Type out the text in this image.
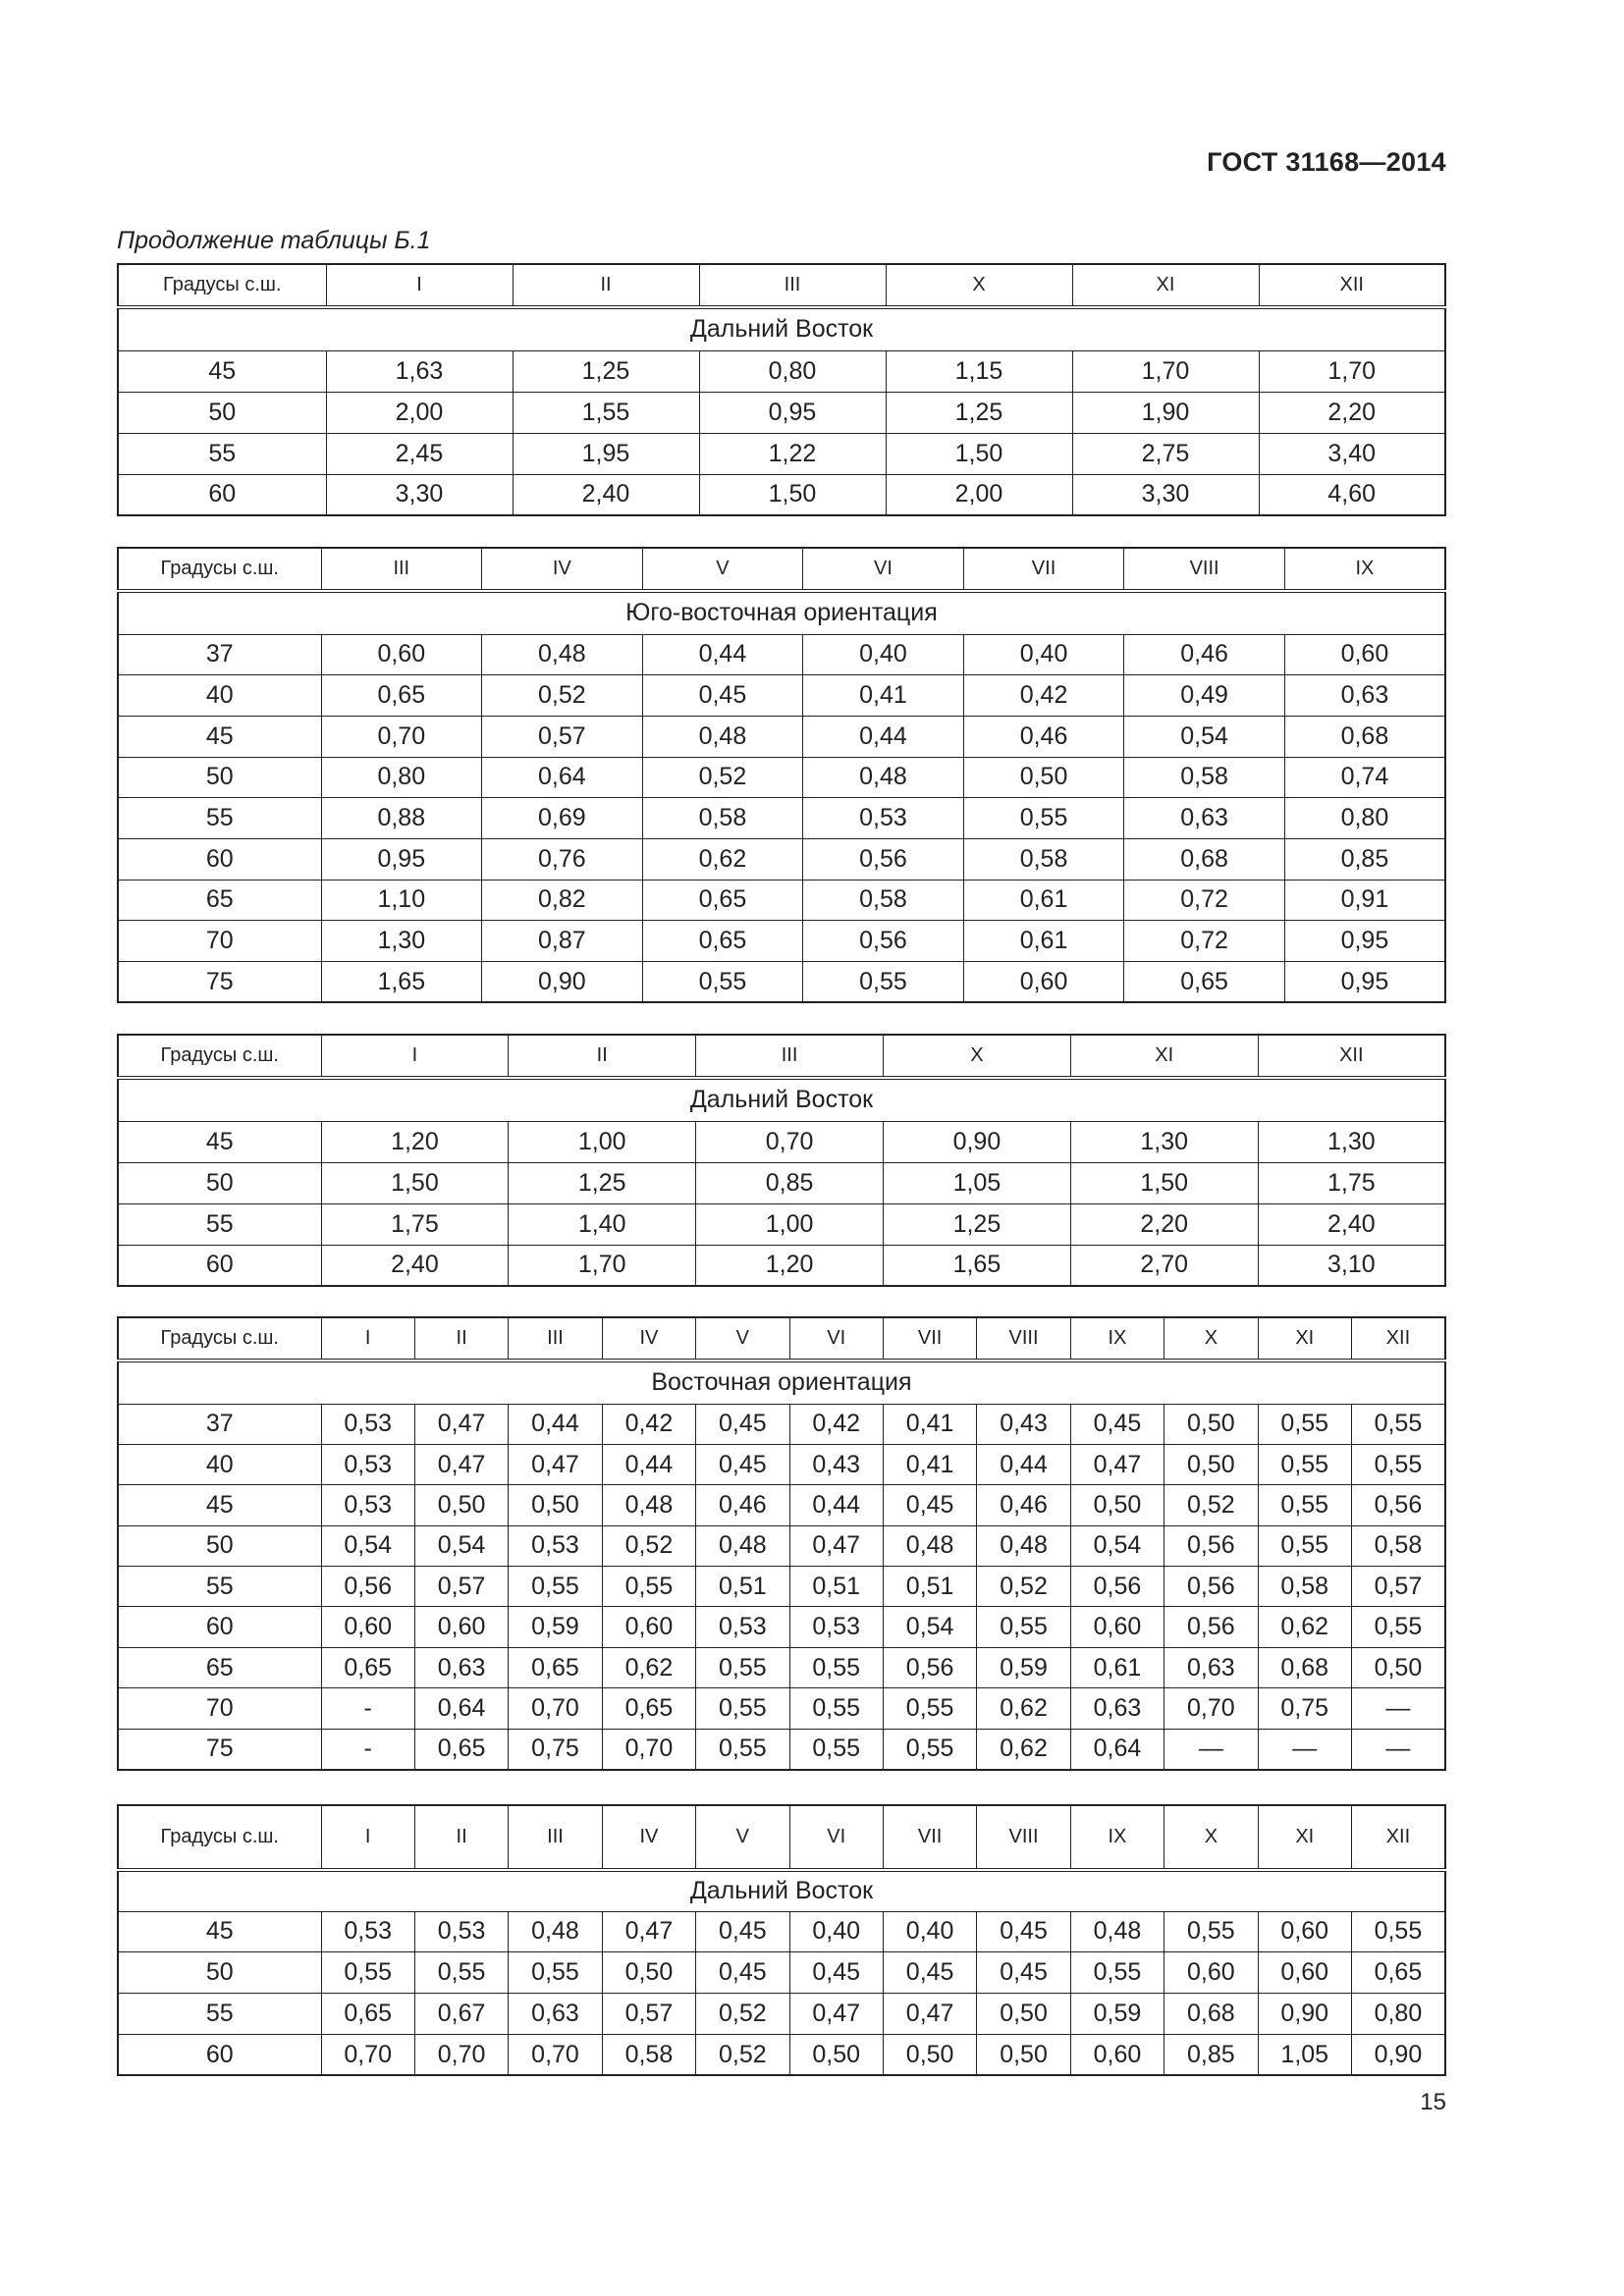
ГОСТ 31168—2014
Продолжение таблицы Б.1
Градусы с.ш.	I	II	III	X	XI	XII
Дальний Восток						
45	1,63	1,25	0,80	1,15	1,70	1,70
50	2,00	1,55	0,95	1,25	1,90	2,20
55	2,45	1,95	1,22	1,50	2,75	3,40
60	3,30	2,40	1,50	2,00	3,30	4,60
Градусы с.ш.	III	IV	V	VI	VII	VIII	IX
Юго-восточная ориентация							
37	0,60	0,48	0,44	0,40	0,40	0,46	0,60
40	0,65	0,52	0,45	0,41	0,42	0,49	0,63
45	0,70	0,57	0,48	0,44	0,46	0,54	0,68
50	0,80	0,64	0,52	0,48	0,50	0,58	0,74
55	0,88	0,69	0,58	0,53	0,55	0,63	0,80
60	0,95	0,76	0,62	0,56	0,58	0,68	0,85
65	1,10	0,82	0,65	0,58	0,61	0,72	0,91
70	1,30	0,87	0,65	0,56	0,61	0,72	0,95
75	1,65	0,90	0,55	0,55	0,60	0,65	0,95
Градусы с.ш.	I	II	III	X	XI	XII
Дальний Восток						
45	1,20	1,00	0,70	0,90	1,30	1,30
50	1,50	1,25	0,85	1,05	1,50	1,75
55	1,75	1,40	1,00	1,25	2,20	2,40
60	2,40	1,70	1,20	1,65	2,70	3,10
Градусы с.ш.	I	II	III	IV	V	VI	VII	VIII	IX	X	XI	XII
Восточная ориентация												
37	0,53	0,47	0,44	0,42	0,45	0,42	0,41	0,43	0,45	0,50	0,55	0,55
40	0,53	0,47	0,47	0,44	0,45	0,43	0,41	0,44	0,47	0,50	0,55	0,55
45	0,53	0,50	0,50	0,48	0,46	0,44	0,45	0,46	0,50	0,52	0,55	0,56
50	0,54	0,54	0,53	0,52	0,48	0,47	0,48	0,48	0,54	0,56	0,55	0,58
55	0,56	0,57	0,55	0,55	0,51	0,51	0,51	0,52	0,56	0,56	0,58	0,57
60	0,60	0,60	0,59	0,60	0,53	0,53	0,54	0,55	0,60	0,56	0,62	0,55
65	0,65	0,63	0,65	0,62	0,55	0,55	0,56	0,59	0,61	0,63	0,68	0,50
70	-	0,64	0,70	0,65	0,55	0,55	0,55	0,62	0,63	0,70	0,75	—
75	-	0,65	0,75	0,70	0,55	0,55	0,55	0,62	0,64	—	—	—
Градусы с.ш.	I	II	III	IV	V	VI	VII	VIII	IX	X	XI	XII
Дальний Восток												
45	0,53	0,53	0,48	0,47	0,45	0,40	0,40	0,45	0,48	0,55	0,60	0,55
50	0,55	0,55	0,55	0,50	0,45	0,45	0,45	0,45	0,55	0,60	0,60	0,65
55	0,65	0,67	0,63	0,57	0,52	0,47	0,47	0,50	0,59	0,68	0,90	0,80
60	0,70	0,70	0,70	0,58	0,52	0,50	0,50	0,50	0,60	0,85	1,05	0,90
15
